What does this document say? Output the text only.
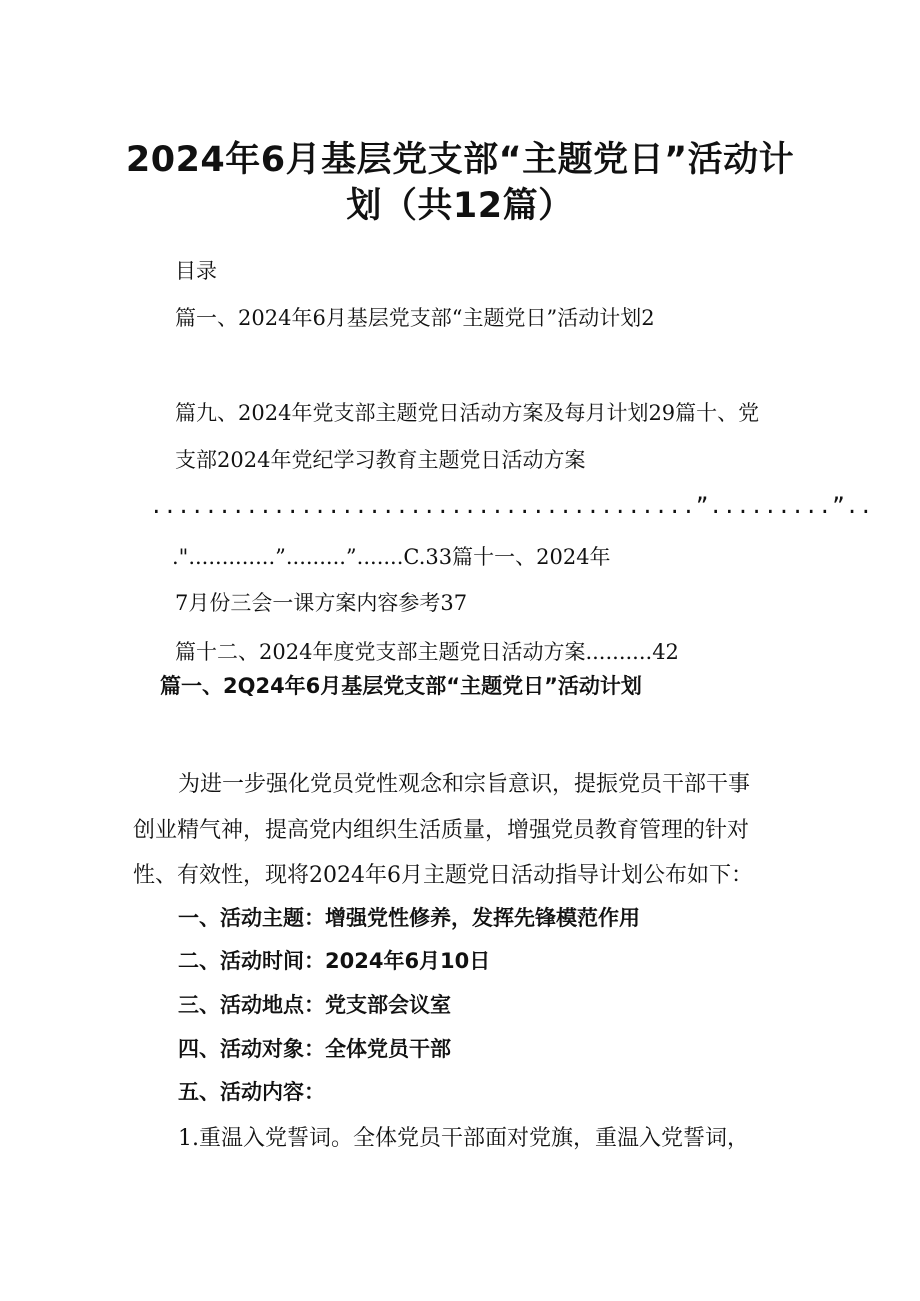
2024年6月基层党支部“主题党日”活动计
划（共12篇）
目录
篇一、2024年6月基层党支部“主题党日”活动计划2
篇九、2024年党支部主题党日活动方案及每月计划29篇十、党
支部2024年党纪学习教育主题党日活动方案
........................................”.........”..
.".............”.........”.......C.33篇十一、2024年
7月份三会一课方案内容参考37
篇十二、2024年度党支部主题党日活动方案..........42
篇一、2Q24年6月基层党支部“主题党日”活动计划
为进一步强化党员党性观念和宗旨意识，提振党员干部干事
创业精气神，提高党内组织生活质量，增强党员教育管理的针对
性、有效性，现将2024年6月主题党日活动指导计划公布如下：
一、活动主题：增强党性修养，发挥先锋模范作用
二、活动时间：2024年6月10日
三、活动地点：党支部会议室
四、活动对象：全体党员干部
五、活动内容：
1.重温入党誓词。全体党员干部面对党旗，重温入党誓词，
